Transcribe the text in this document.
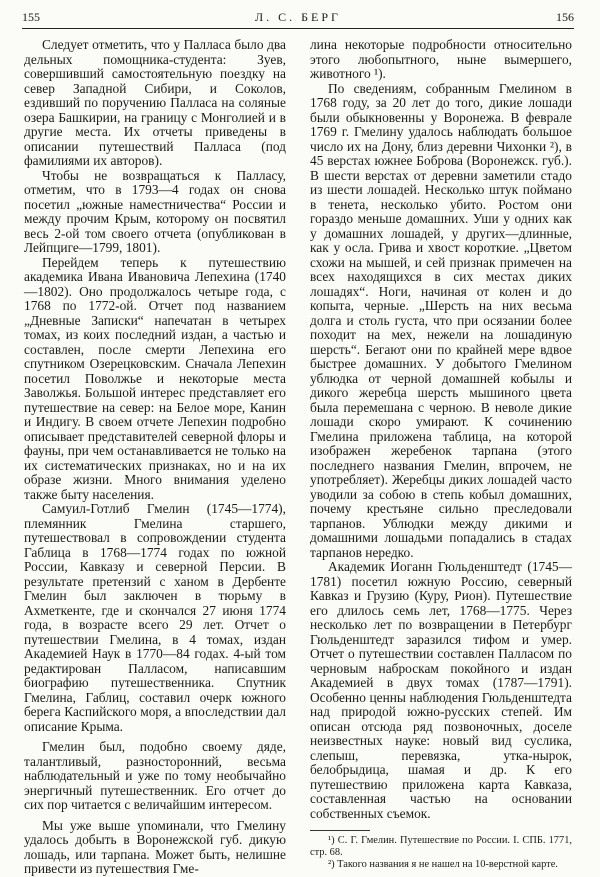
155	Л. С. БЕРГ	156

Следует отметить, что у Палласа было два дельных помощника-студента: Зуев, совершивший самостоятельную поездку на север Западной Сибири, и Соколов, ездивший по поручению Палласа на соляные озера Башкирии, на границу с Монголией и в другие места. Их отчеты приведены в описании путешествий Палласа (под фамилиями их авторов).

Чтобы не возвращаться к Палласу, отметим, что в 1793—4 годах он снова посетил „южные наместничества“ России и между прочим Крым, которому он посвятил весь 2-ой том своего отчета (опубликован в Лейпциге—1799, 1801).

Перейдем теперь к путешествию академика Ивана Ивановича Лепехина (1740—1802). Оно продолжалось четыре года, с 1768 по 1772-ой. Отчет под названием „Дневные Записки“ напечатан в четырех томах, из коих последний издан, а частью и составлен, после смерти Лепехина его спутником Озерецковским. Сначала Лепехин посетил Поволжье и некоторые места Заволжья. Большой интерес представляет его путешествие на север: на Белое море, Канин и Индигу. В своем отчете Лепехин подробно описывает представителей северной флоры и фауны, при чем останавливается не только на их систематических признаках, но и на их образе жизни. Много внимания уделено также быту населения.

Самуил-Готлиб Гмелин (1745—1774), племянник Гмелина старшего, путешествовал в сопровождении студента Габлица в 1768—1774 годах по южной России, Кавказу и северной Персии. В результате претензий с ханом в Дербенте Гмелин был заключен в тюрьму в Ахметкенте, где и скончался 27 июня 1774 года, в возрасте всего 29 лет. Отчет о путешествии Гмелина, в 4 томах, издан Академией Наук в 1770—84 годах. 4-ый том редактирован Палласом, написавшим биографию путешественника. Спутник Гмелина, Габлиц, составил очерк южного берега Каспийского моря, а впоследствии дал описание Крыма.

Гмелин был, подобно своему дяде, талантливый, разносторонний, весьма наблюдательный и уже по тому необычайно энергичный путешественник. Его отчет до сих пор читается с величайшим интересом.

Мы уже выше упоминали, что Гмелину удалось добыть в Воронежской губ. дикую лошадь, или тарпана. Может быть, нелишне привести из путешествия Гме-

лина некоторые подробности относительно этого любопытного, ныне вымершего, животного ¹).

По сведениям, собранным Гмелином в 1768 году, за 20 лет до того, дикие лошади были обыкновенны у Воронежа. В феврале 1769 г. Гмелину удалось наблюдать большое число их на Дону, близ деревни Чихонки ²), в 45 верстах южнее Боброва (Воронежск. губ.). В шести верстах от деревни заметили стадо из шести лошадей. Несколько штук поймано в тенета, несколько убито. Ростом они гораздо меньше домашних. Уши у одних как у домашних лошадей, у других—длинные, как у осла. Грива и хвост короткие. „Цветом схожи на мышей, и сей признак примечен на всех находящихся в сих местах диких лошадях“. Ноги, начиная от колен и до копыта, черные. „Шерсть на них весьма долга и столь густа, что при осязании более походит на мех, нежели на лошадиную шерсть“. Бегают они по крайней мере вдвое быстрее домашних. У добытого Гмелином ублюдка от черной домашней кобылы и дикого жеребца шерсть мышиного цвета была перемешана с черною. В неволе дикие лошади скоро умирают. К сочинению Гмелина приложена таблица, на которой изображен жеребенок тарпана (этого последнего названия Гмелин, впрочем, не употребляет). Жеребцы диких лошадей часто уводили за собою в степь кобыл домашних, почему крестьяне сильно преследовали тарпанов. Ублюдки между дикими и домашними лошадьми попадались в стадах тарпанов нередко.

Академик Иоганн Гюльденштедт (1745—1781) посетил южную Россию, северный Кавказ и Грузию (Куру, Рион). Путешествие его длилось семь лет, 1768—1775. Через несколько лет по возвращении в Петербург Гюльденштедт заразился тифом и умер. Отчет о путешествии составлен Палласом по черновым наброскам покойного и издан Академией в двух томах (1787—1791). Особенно ценны наблюдения Гюльденштедта над природой южно-русских степей. Им описан отсюда ряд позвоночных, доселе неизвестных науке: новый вид суслика, слепыш, перевязка, утка-нырок, белобрыдица, шамая и др. К его путешествию приложена карта Кавказа, составленная частью на основании собственных съемок.

¹) С. Г. Гмелин. Путешествие по России. I. СПБ. 1771, стр. 68.

²) Такого названия я не нашел на 10-верстной карте.
